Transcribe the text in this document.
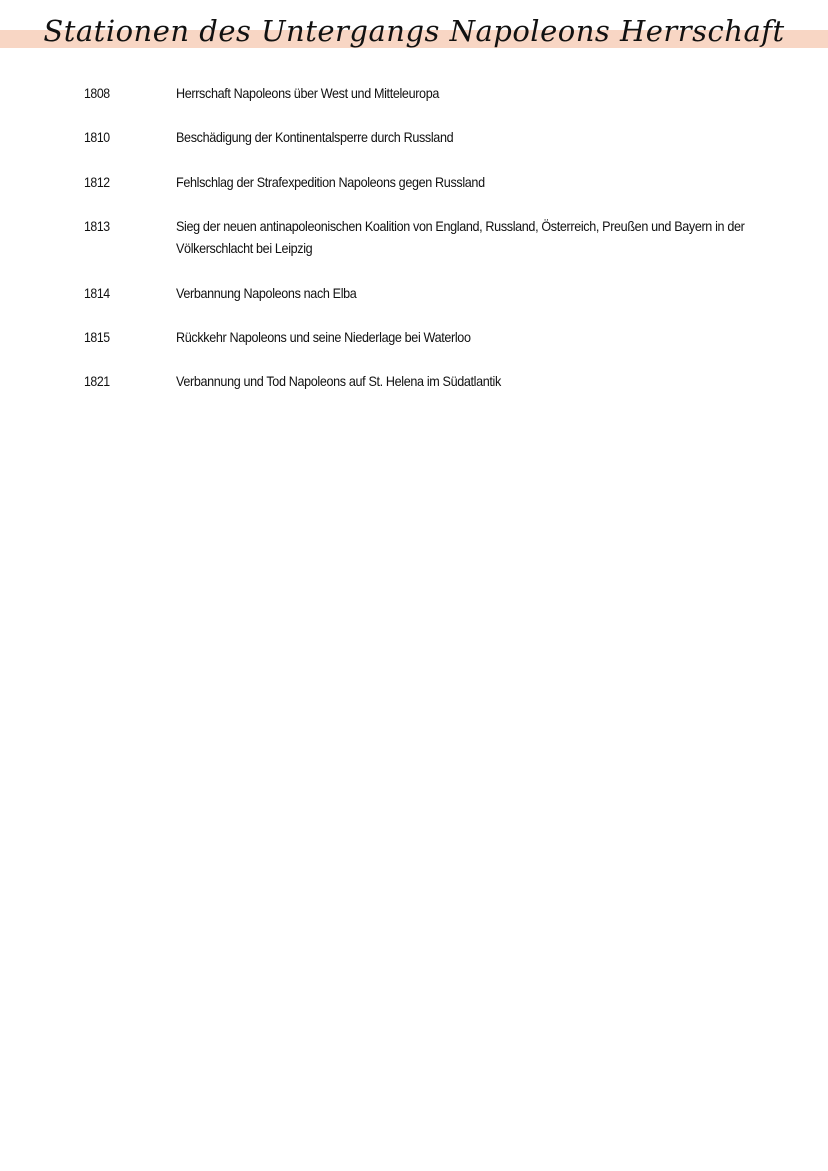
Stationen des Untergangs Napoleons Herrschaft
1808	Herrschaft Napoleons über West und Mitteleuropa
1810	Beschädigung der Kontinentalsperre durch Russland
1812	Fehlschlag der Strafexpedition Napoleons gegen Russland
1813	Sieg der neuen antinapoleonischen Koalition von England, Russland, Österreich, Preußen und Bayern in der Völkerschlacht bei Leipzig
1814	Verbannung Napoleons nach Elba
1815	Rückkehr Napoleons und seine Niederlage bei Waterloo
1821	Verbannung und Tod Napoleons auf St. Helena im Südatlantik
